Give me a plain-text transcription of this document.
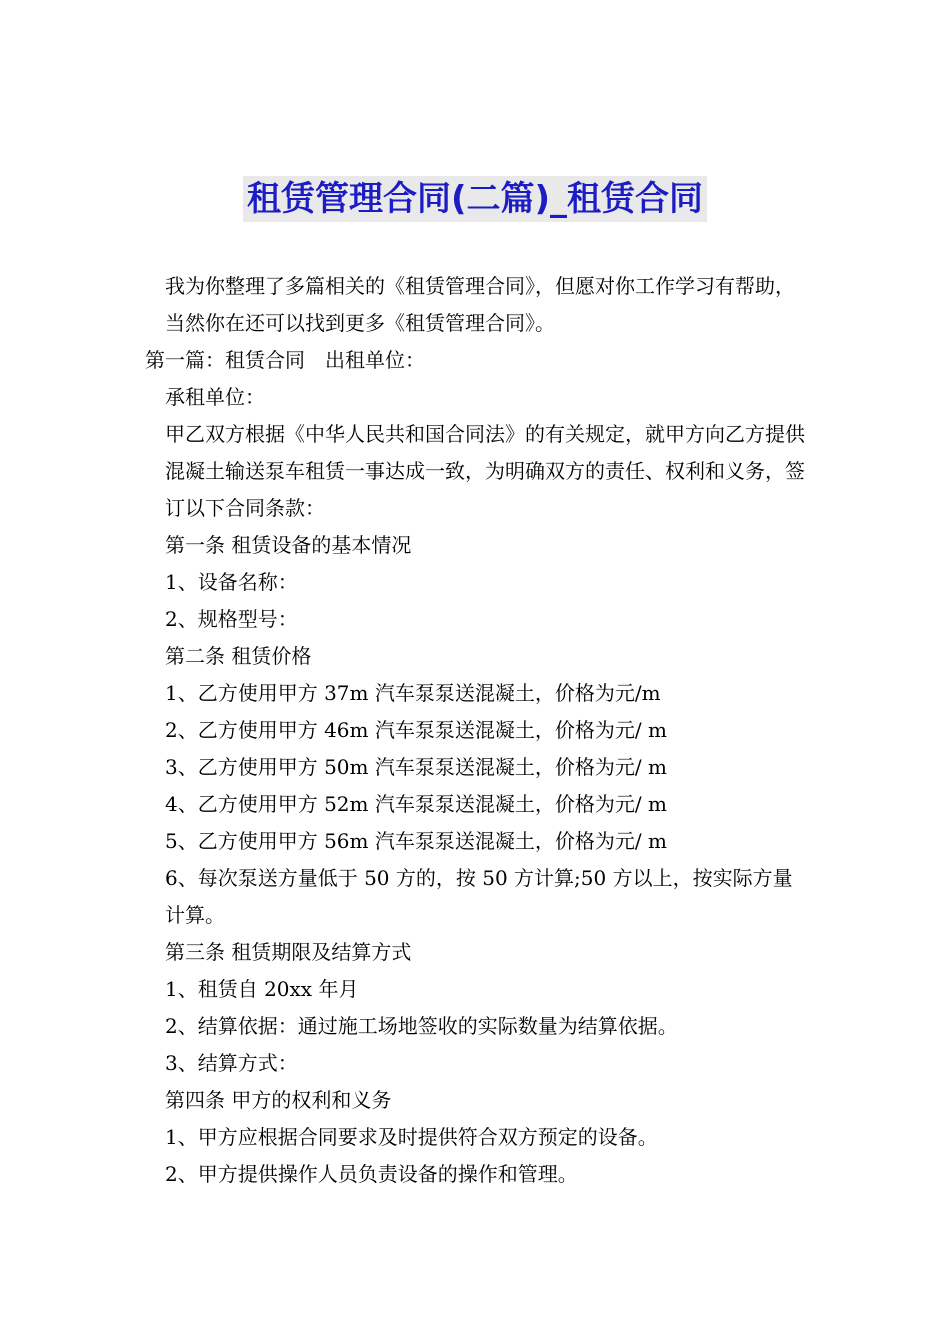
租赁管理合同(二篇)_租赁合同

我为你整理了多篇相关的《租赁管理合同》，但愿对你工作学习有帮助，当然你在还可以找到更多《租赁管理合同》。

第一篇：租赁合同　出租单位：

承租单位：

甲乙双方根据《中华人民共和国合同法》的有关规定，就甲方向乙方提供混凝土输送泵车租赁一事达成一致，为明确双方的责任、权利和义务，签订以下合同条款：

第一条 租赁设备的基本情况

1、设备名称：

2、规格型号：

第二条 租赁价格

1、乙方使用甲方 37m 汽车泵泵送混凝土，价格为元/m

2、乙方使用甲方 46m 汽车泵泵送混凝土，价格为元/ m

3、乙方使用甲方 50m 汽车泵泵送混凝土，价格为元/ m

4、乙方使用甲方 52m 汽车泵泵送混凝土，价格为元/ m

5、乙方使用甲方 56m 汽车泵泵送混凝土，价格为元/ m

6、每次泵送方量低于 50 方的，按 50 方计算;50 方以上，按实际方量计算。

第三条 租赁期限及结算方式

1、租赁自 20xx 年月

2、结算依据：通过施工场地签收的实际数量为结算依据。

3、结算方式：

第四条 甲方的权利和义务

1、甲方应根据合同要求及时提供符合双方预定的设备。

2、甲方提供操作人员负责设备的操作和管理。
